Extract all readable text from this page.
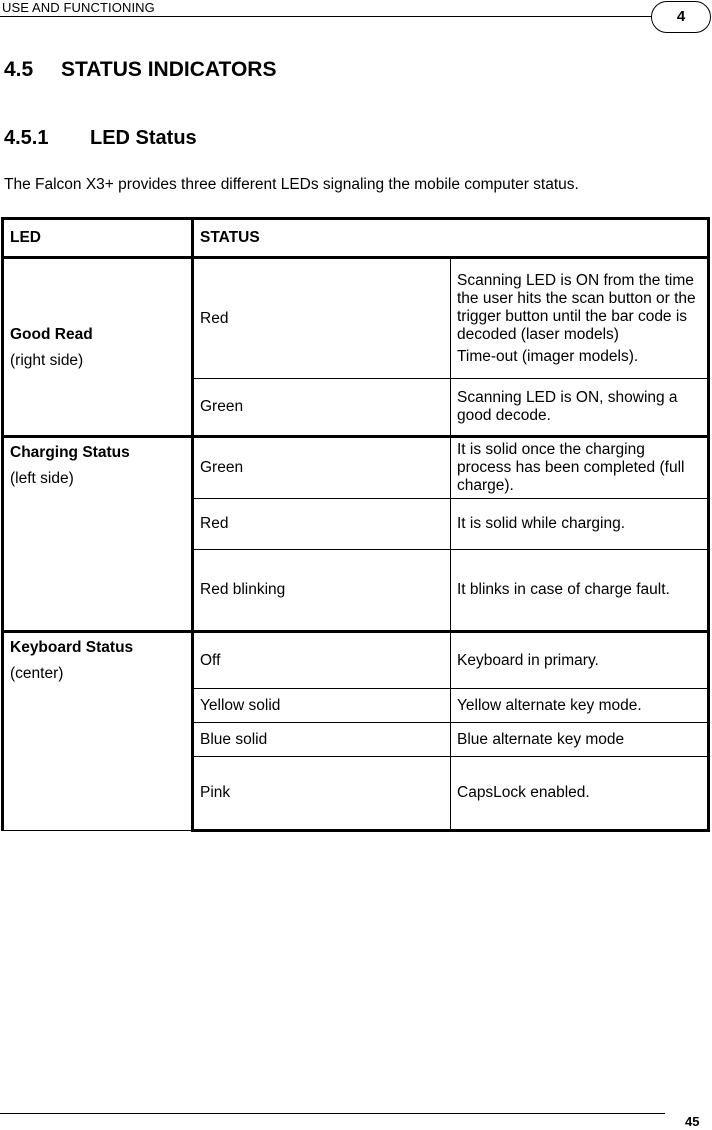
USE AND FUNCTIONING
4
4.5 STATUS INDICATORS
4.5.1 LED Status
The Falcon X3+ provides three different LEDs signaling the mobile computer status.
LED	STATUS	

Good Read
(right side)	Red	Scanning LED is ON from the time the user hits the scan button or the trigger button until the bar code is decoded (laser models)
Time-out (imager models).

	Green	Scanning LED is ON, showing a good decode.

Charging Status
(left side)	Green	It is solid once the charging process has been completed (full charge).
	Red	It is solid while charging.
	Red blinking	It blinks in case of charge fault.

Keyboard Status
(center)	Off	Keyboard in primary.
	Yellow solid	Yellow alternate key mode.
	Blue solid	Blue alternate key mode
	Pink	CapsLock enabled.
45
